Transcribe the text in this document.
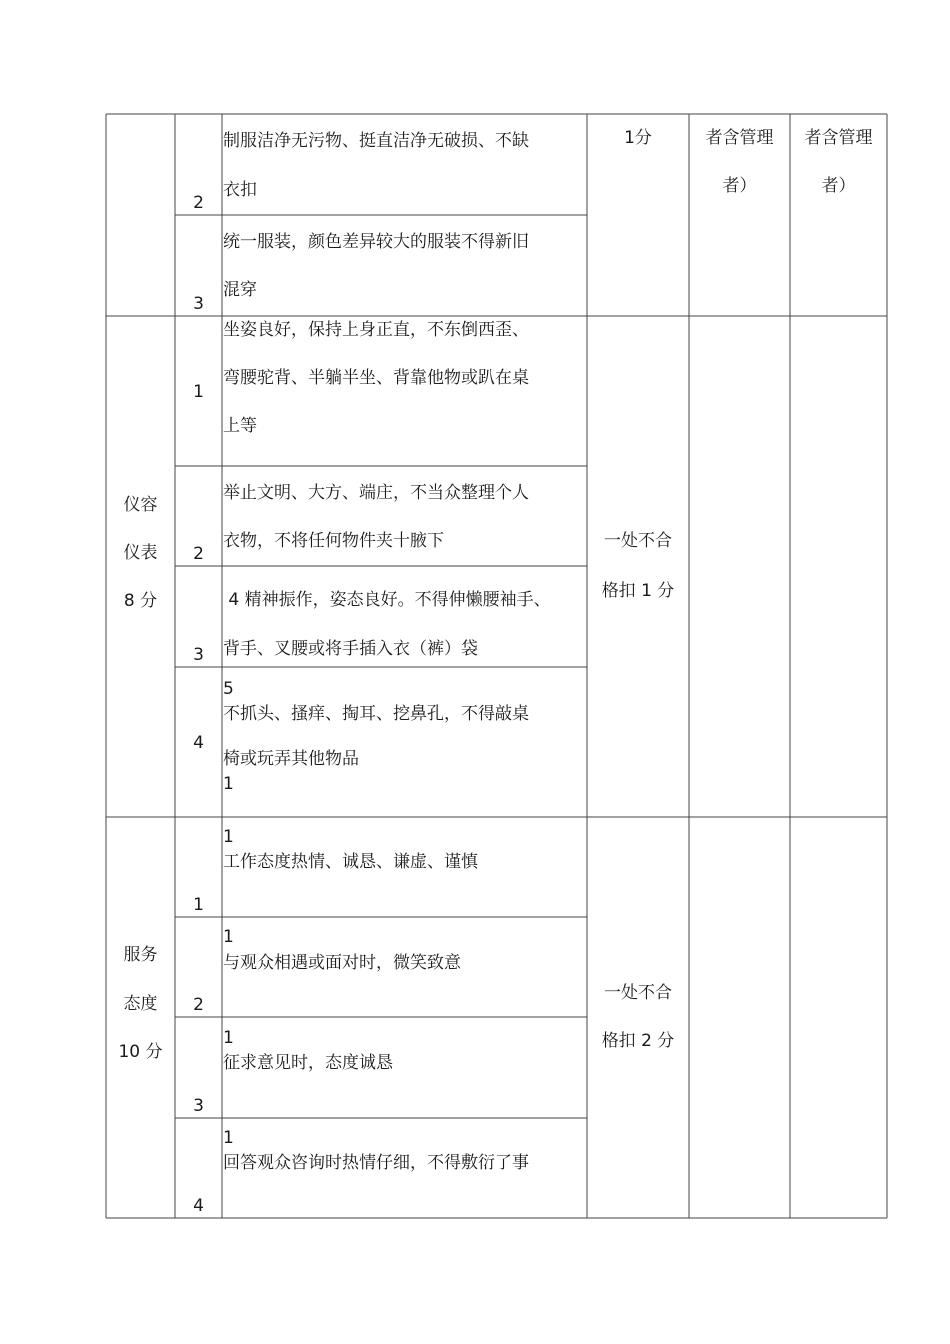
制服洁净无污物、挺直洁净无破损、不缺
衣扣
2
统一服装，颜色差异较大的服装不得新旧
混穿
3
1分	者含管理
者）
者含管理
者）
仪容
仪表
8 分
一处不合
格扣 1 分
1
坐姿良好，保持上身正直，不东倒西歪、
弯腰驼背、半躺半坐、背靠他物或趴在桌
上等
2
举止文明、大方、端庄，不当众整理个人
衣物，不将任何物件夹十腋下
3
4 精神振作，姿态良好。不得伸懒腰袖手、
背手、叉腰或将手插入衣（裤）袋
4
5
不抓头、搔痒、掏耳、挖鼻孔，不得敲桌
椅或玩弄其他物品
1
服务
态度
10 分
一处不合
格扣 2 分
1
工作态度热情、诚恳、谦虚、谨慎
1
1
与观众相遇或面对时，微笑致意
2
1
征求意见时，态度诚恳
3
1
回答观众咨询时热情仔细，不得敷衍了事
4
